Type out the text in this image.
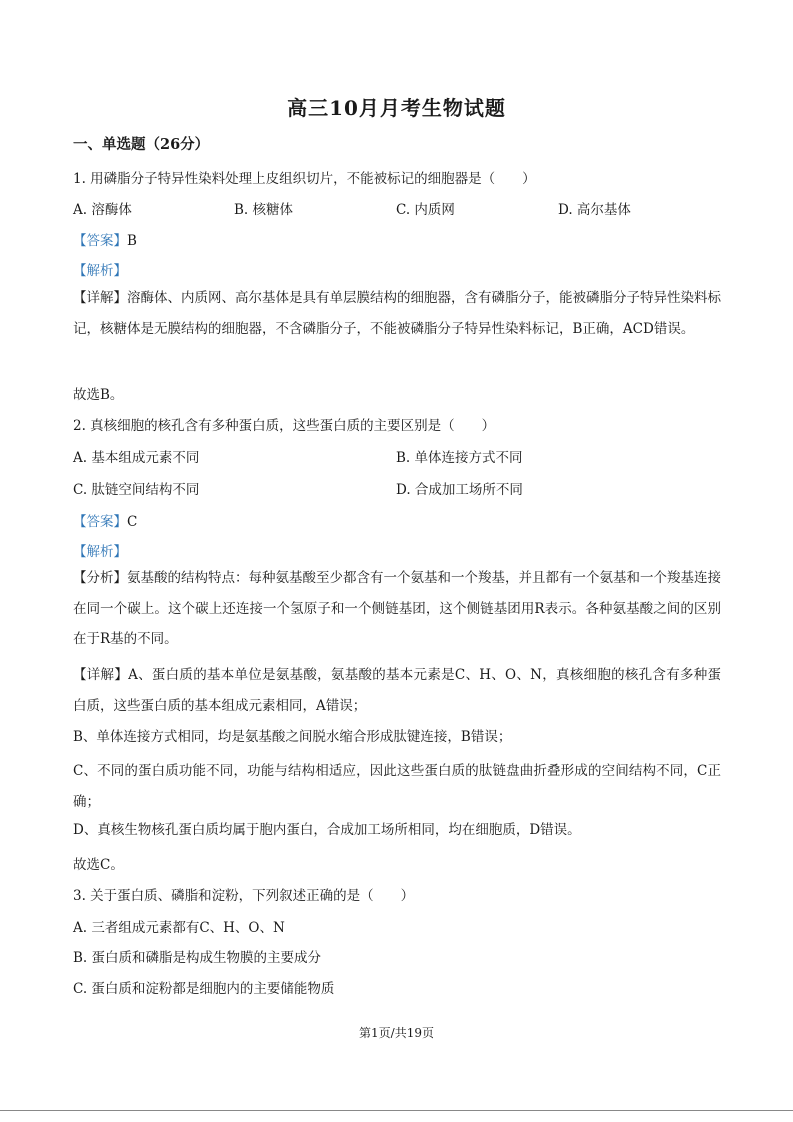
高三10月月考生物试题
一、单选题（26分）
1. 用磷脂分子特异性染料处理上皮组织切片，不能被标记的细胞器是（　　）
A. 溶酶体	B. 核糖体	C. 内质网	D. 高尔基体
【答案】B
【解析】
【详解】溶酶体、内质网、高尔基体是具有单层膜结构的细胞器，含有磷脂分子，能被磷脂分子特异性染料标记，核糖体是无膜结构的细胞器，不含磷脂分子，不能被磷脂分子特异性染料标记，B正确，ACD错误。
故选B。
2. 真核细胞的核孔含有多种蛋白质，这些蛋白质的主要区别是（　　）
A. 基本组成元素不同	B. 单体连接方式不同
C. 肽链空间结构不同	D. 合成加工场所不同
【答案】C
【解析】
【分析】氨基酸的结构特点：每种氨基酸至少都含有一个氨基和一个羧基，并且都有一个氨基和一个羧基连接在同一个碳上。这个碳上还连接一个氢原子和一个侧链基团，这个侧链基团用R表示。各种氨基酸之间的区别在于R基的不同。
【详解】A、蛋白质的基本单位是氨基酸，氨基酸的基本元素是C、H、O、N，真核细胞的核孔含有多种蛋白质，这些蛋白质的基本组成元素相同，A错误；
B、单体连接方式相同，均是氨基酸之间脱水缩合形成肽键连接，B错误；
C、不同的蛋白质功能不同，功能与结构相适应，因此这些蛋白质的肽链盘曲折叠形成的空间结构不同，C正确；
D、真核生物核孔蛋白质均属于胞内蛋白，合成加工场所相同，均在细胞质，D错误。
故选C。
3. 关于蛋白质、磷脂和淀粉，下列叙述正确的是（　　）
A. 三者组成元素都有C、H、O、N
B. 蛋白质和磷脂是构成生物膜的主要成分
C. 蛋白质和淀粉都是细胞内的主要储能物质
第1页/共19页
